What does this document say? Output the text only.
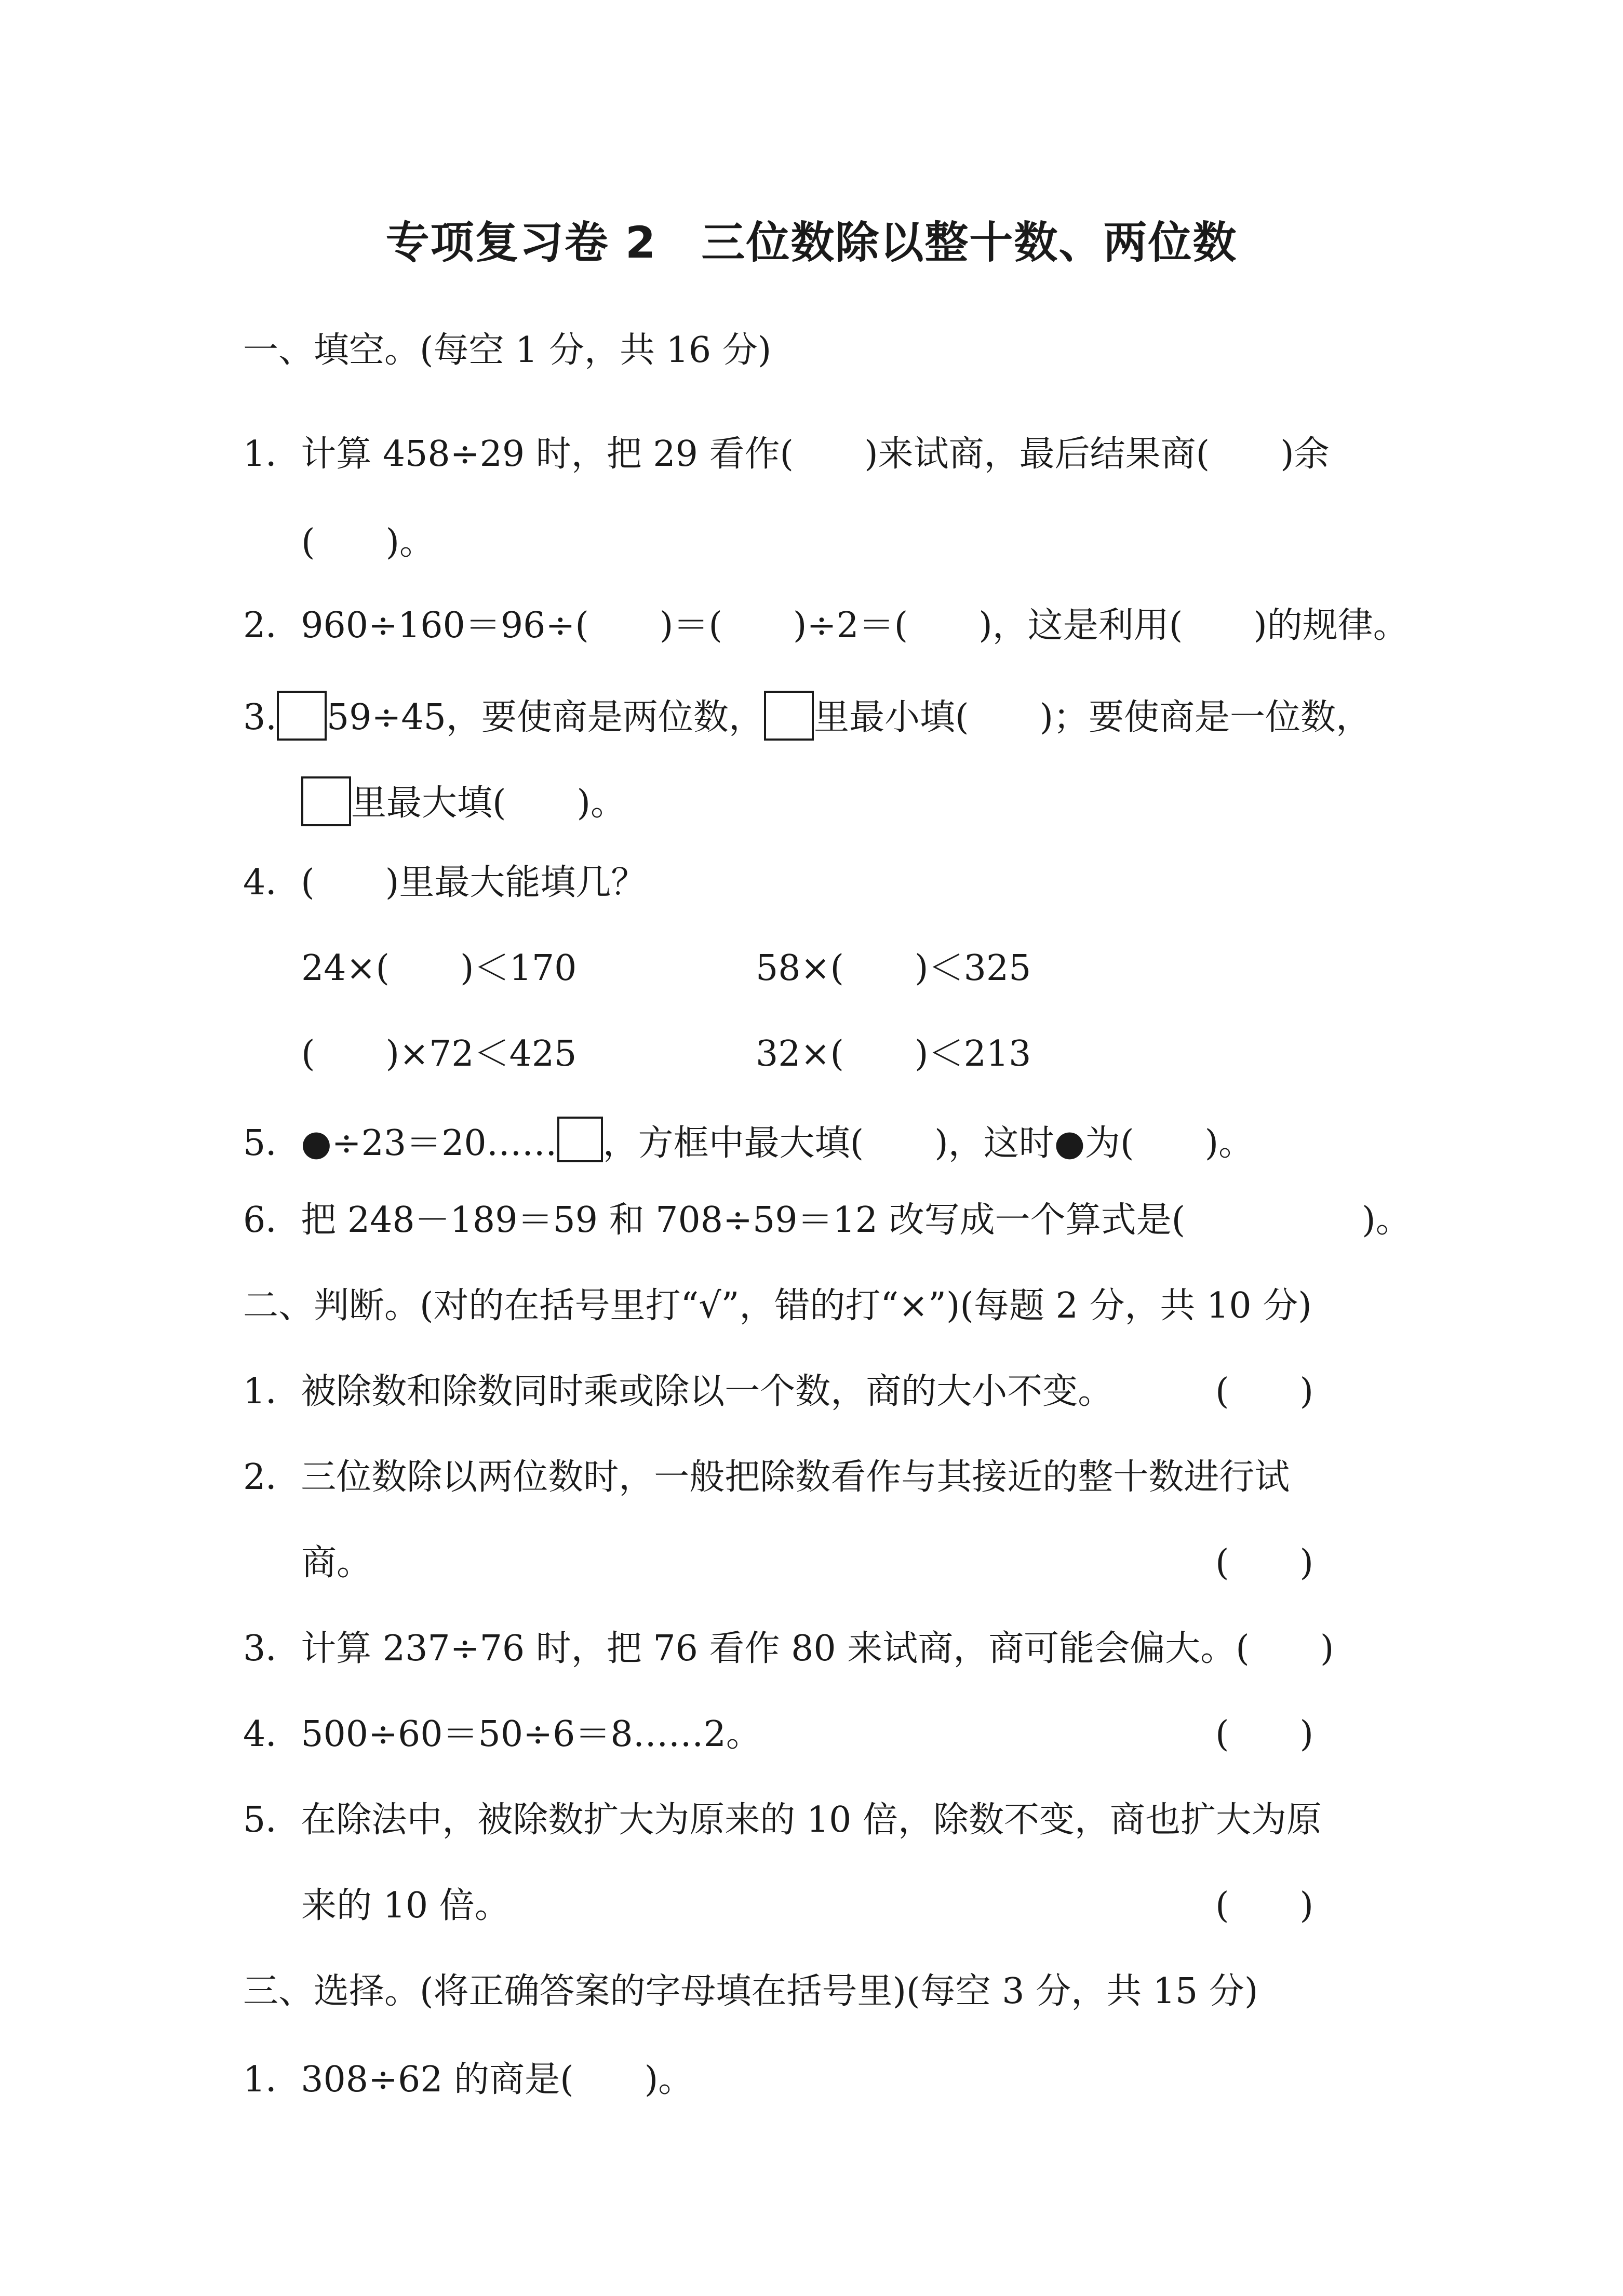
专项复习卷 2　三位数除以整十数、两位数
一、填空。(每空 1 分，共 16 分)
1．计算 458÷29 时，把 29 看作(　　)来试商，最后结果商(　　)余
(　　)。
2．960÷160＝96÷(　　)＝(　　)÷2＝(　　)，这是利用(　　)的规律。
3. 59÷45，要使商是两位数， 里最小填(　　)；要使商是一位数，
里最大填(　　)。
4．(　　)里最大能填几？
24×(　　)＜170	58×(　　)＜325
(　　)×72＜425	32×(　　)＜213
5．●÷23＝20…… ，方框中最大填(　　)，这时●为(　　)。
6．把 248－189＝59 和 708÷59＝12 改写成一个算式是(　　　　　)。
二、判断。(对的在括号里打“√”，错的打“×”)(每题 2 分，共 10 分)
1．被除数和除数同时乘或除以一个数，商的大小不变。	(　　)
2．三位数除以两位数时，一般把除数看作与其接近的整十数进行试
商。	(　　)
3．计算 237÷76 时，把 76 看作 80 来试商，商可能会偏大。(　　)
4．500÷60＝50÷6＝8……2。	(　　)
5．在除法中，被除数扩大为原来的 10 倍，除数不变，商也扩大为原
来的 10 倍。	(　　)
三、选择。(将正确答案的字母填在括号里)(每空 3 分，共 15 分)
1．308÷62 的商是(　　)。
